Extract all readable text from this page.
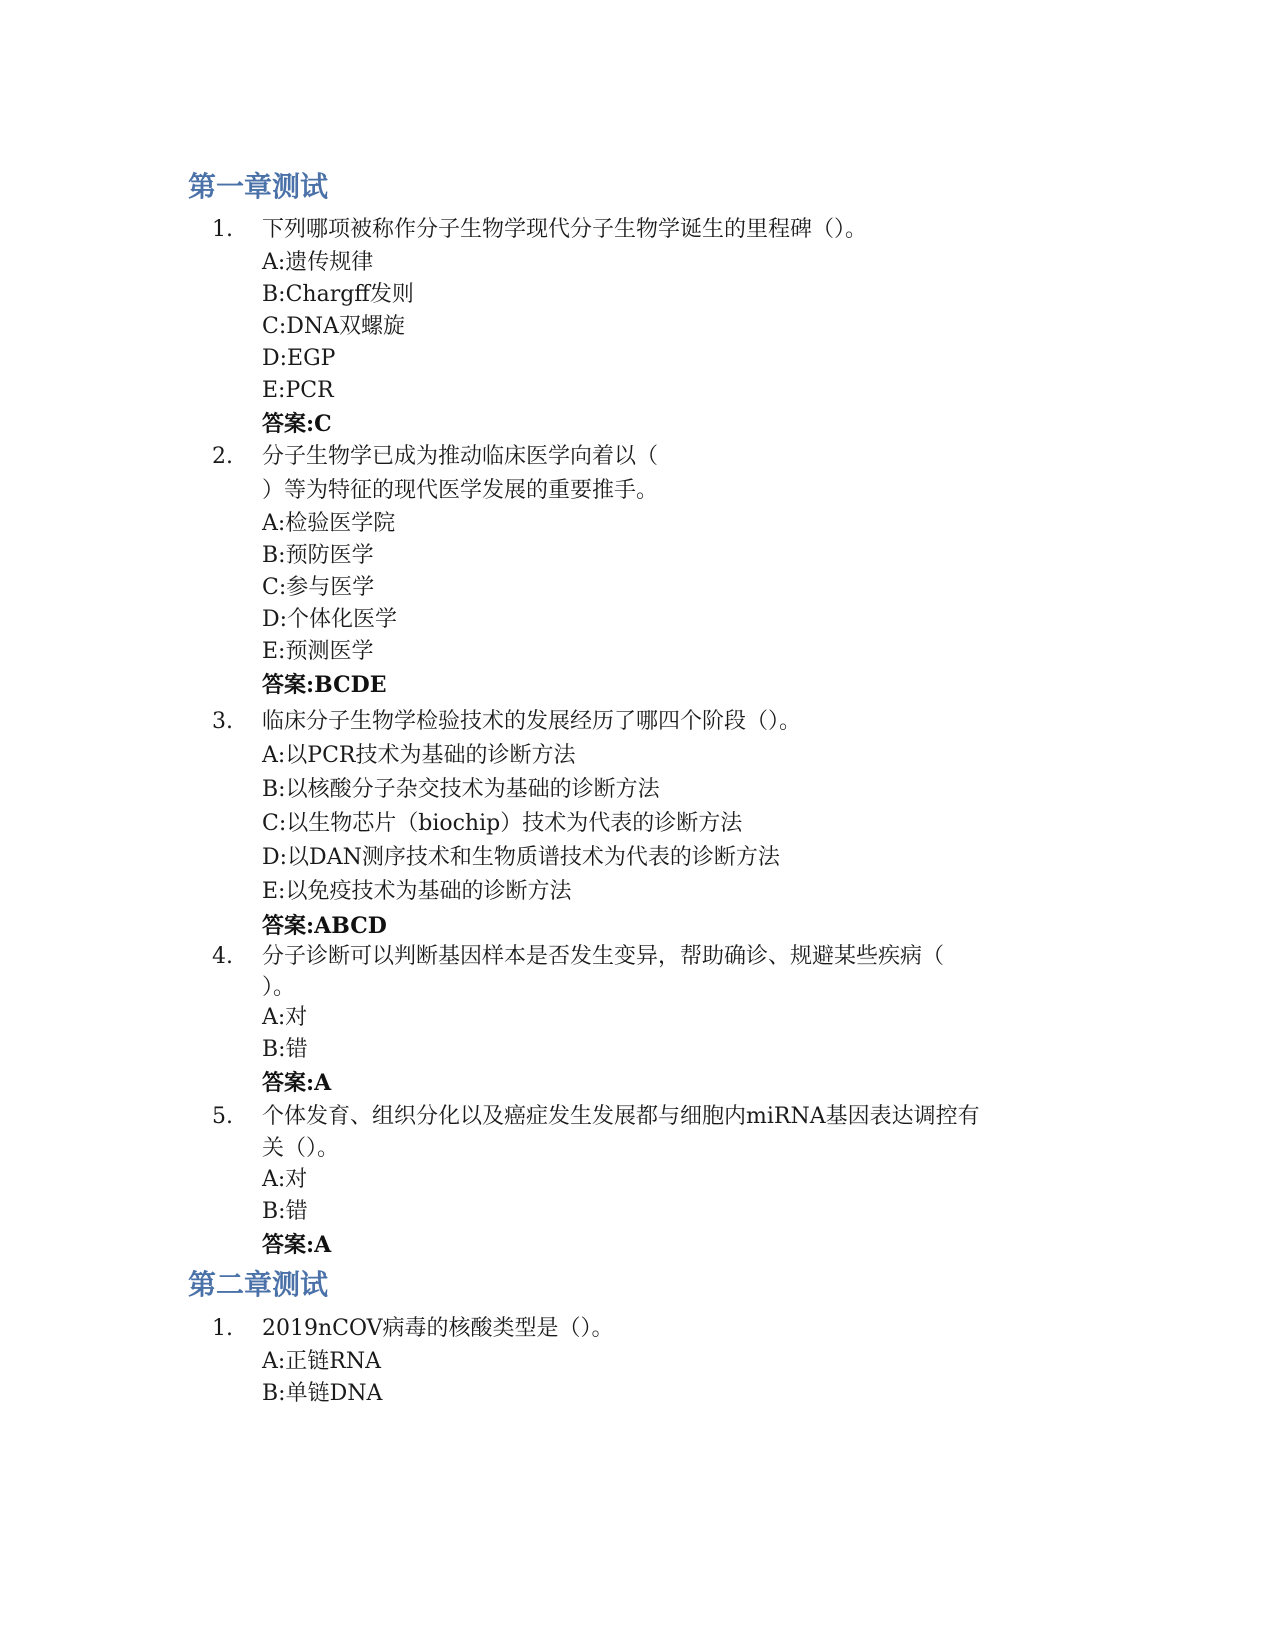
第一章测试
1.	下列哪项被称作分子生物学现代分子生物学诞生的里程碑（）。

A:遗传规律

B:Chargff发则

C:DNA双螺旋

D:EGP

E:PCR

答案:C

2.	分子生物学已成为推动临床医学向着以（

）等为特征的现代医学发展的重要推手。

A:检验医学院

B:预防医学

C:参与医学

D:个体化医学

E:预测医学

答案:BCDE

3.	临床分子生物学检验技术的发展经历了哪四个阶段（）。

A:以PCR技术为基础的诊断方法

B:以核酸分子杂交技术为基础的诊断方法

C:以生物芯片（biochip）技术为代表的诊断方法

D:以DAN测序技术和生物质谱技术为代表的诊断方法

E:以免疫技术为基础的诊断方法

答案:ABCD

4.	分子诊断可以判断基因样本是否发生变异，帮助确诊、规避某些疾病（

）。

A:对

B:错

答案:A

5.	个体发育、组织分化以及癌症发生发展都与细胞内miRNA基因表达调控有

关（）。

A:对

B:错

答案:A

第二章测试
1.	2019nCOV病毒的核酸类型是（）。

A:正链RNA

B:单链DNA
